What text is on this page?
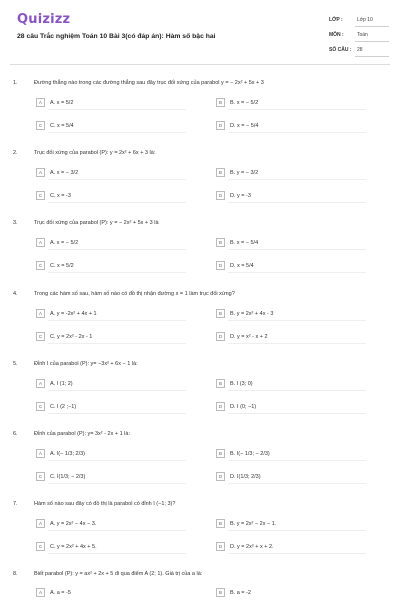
Quizizz
28 câu Trắc nghiệm Toán 10 Bài 3(có đáp án): Hàm số bậc hai
LỚP :	Lớp 10
MÔN :	Toán
SỐ CÂU : 28
1.	Đường thẳng nào trong các đường thẳng sau đây trục đối xứng của parabol y = − 2x² + 5x + 3
A	A. x = 5/2	B	B. x = − 5/2
C	C. x = 5/4	D	D. x = − 5/4
2.	Trục đối xứng của parabol (P): y = 2x² + 6x + 3 là:
A	A. x = − 3/2	B	B. y = − 3/2
C	C. x = -3	D	D. y = -3
3.	Trục đối xứng của parabol (P): y = − 2x² + 5x + 3 là
A	A. x = − 5/2	B	B. x = − 5/4
C	C. x = 5/2	D	D. x = 5/4
4.	Trong các hàm số sau, hàm số nào có đồ thị nhận đường x = 1 làm trục đối xứng?
A	A. y = -2x² + 4x + 1	B	B. y = 2x² + 4x - 3
C	C. y = 2x² - 2x - 1	D	D. y = x² - x + 2
5.	Đỉnh I của parabol (P): y= −3x² + 6x − 1 là:
A	A. I (1; 2)	B	B. I (3; 0)
C	C. I (2 ;−1)	D	D. I (0; −1)
6.	Đỉnh của parabol (P): y= 3x² - 2x + 1 là:
A	A. I(− 1/3; 2/3)	B	B. I(− 1/3; − 2/3)
C	C. I(1/3; − 2/3)	D	D. I(1/3; 2/3)
7.	Hàm số nào sau đây có đồ thị là parabol có đỉnh I (−1; 3)?
A	A. y = 2x² − 4x − 3.	B	B. y = 2x² − 2x − 1.
C	C. y = 2x² + 4x + 5.	D	D. y = 2x² + x + 2.
8.	Biết parabol (P): y = ax² + 2x + 5 đi qua điểm A (2; 1). Giá trị của a là:
A	A. a = -5	B	B. a = -2
